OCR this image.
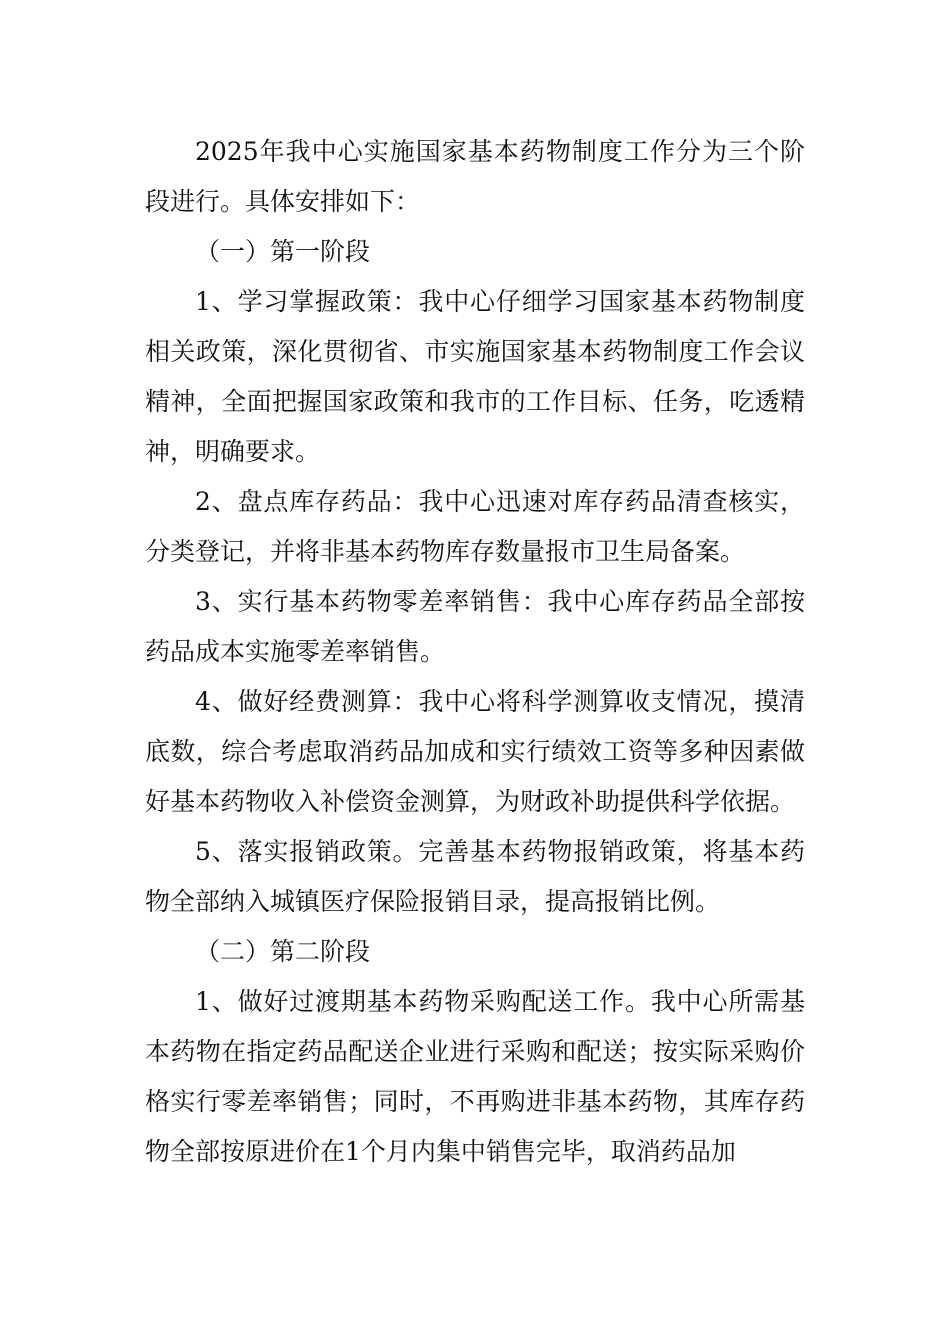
2025年我中心实施国家基本药物制度工作分为三个阶段进行。具体安排如下：

（一）第一阶段

1、学习掌握政策：我中心仔细学习国家基本药物制度相关政策，深化贯彻省、市实施国家基本药物制度工作会议精神，全面把握国家政策和我市的工作目标、任务，吃透精神，明确要求。

2、盘点库存药品：我中心迅速对库存药品清查核实，分类登记，并将非基本药物库存数量报市卫生局备案。

3、实行基本药物零差率销售：我中心库存药品全部按药品成本实施零差率销售。

4、做好经费测算：我中心将科学测算收支情况，摸清底数，综合考虑取消药品加成和实行绩效工资等多种因素做好基本药物收入补偿资金测算，为财政补助提供科学依据。

5、落实报销政策。完善基本药物报销政策，将基本药物全部纳入城镇医疗保险报销目录，提高报销比例。

（二）第二阶段

1、做好过渡期基本药物采购配送工作。我中心所需基本药物在指定药品配送企业进行采购和配送；按实际采购价格实行零差率销售；同时，不再购进非基本药物，其库存药物全部按原进价在1个月内集中销售完毕，取消药品加
